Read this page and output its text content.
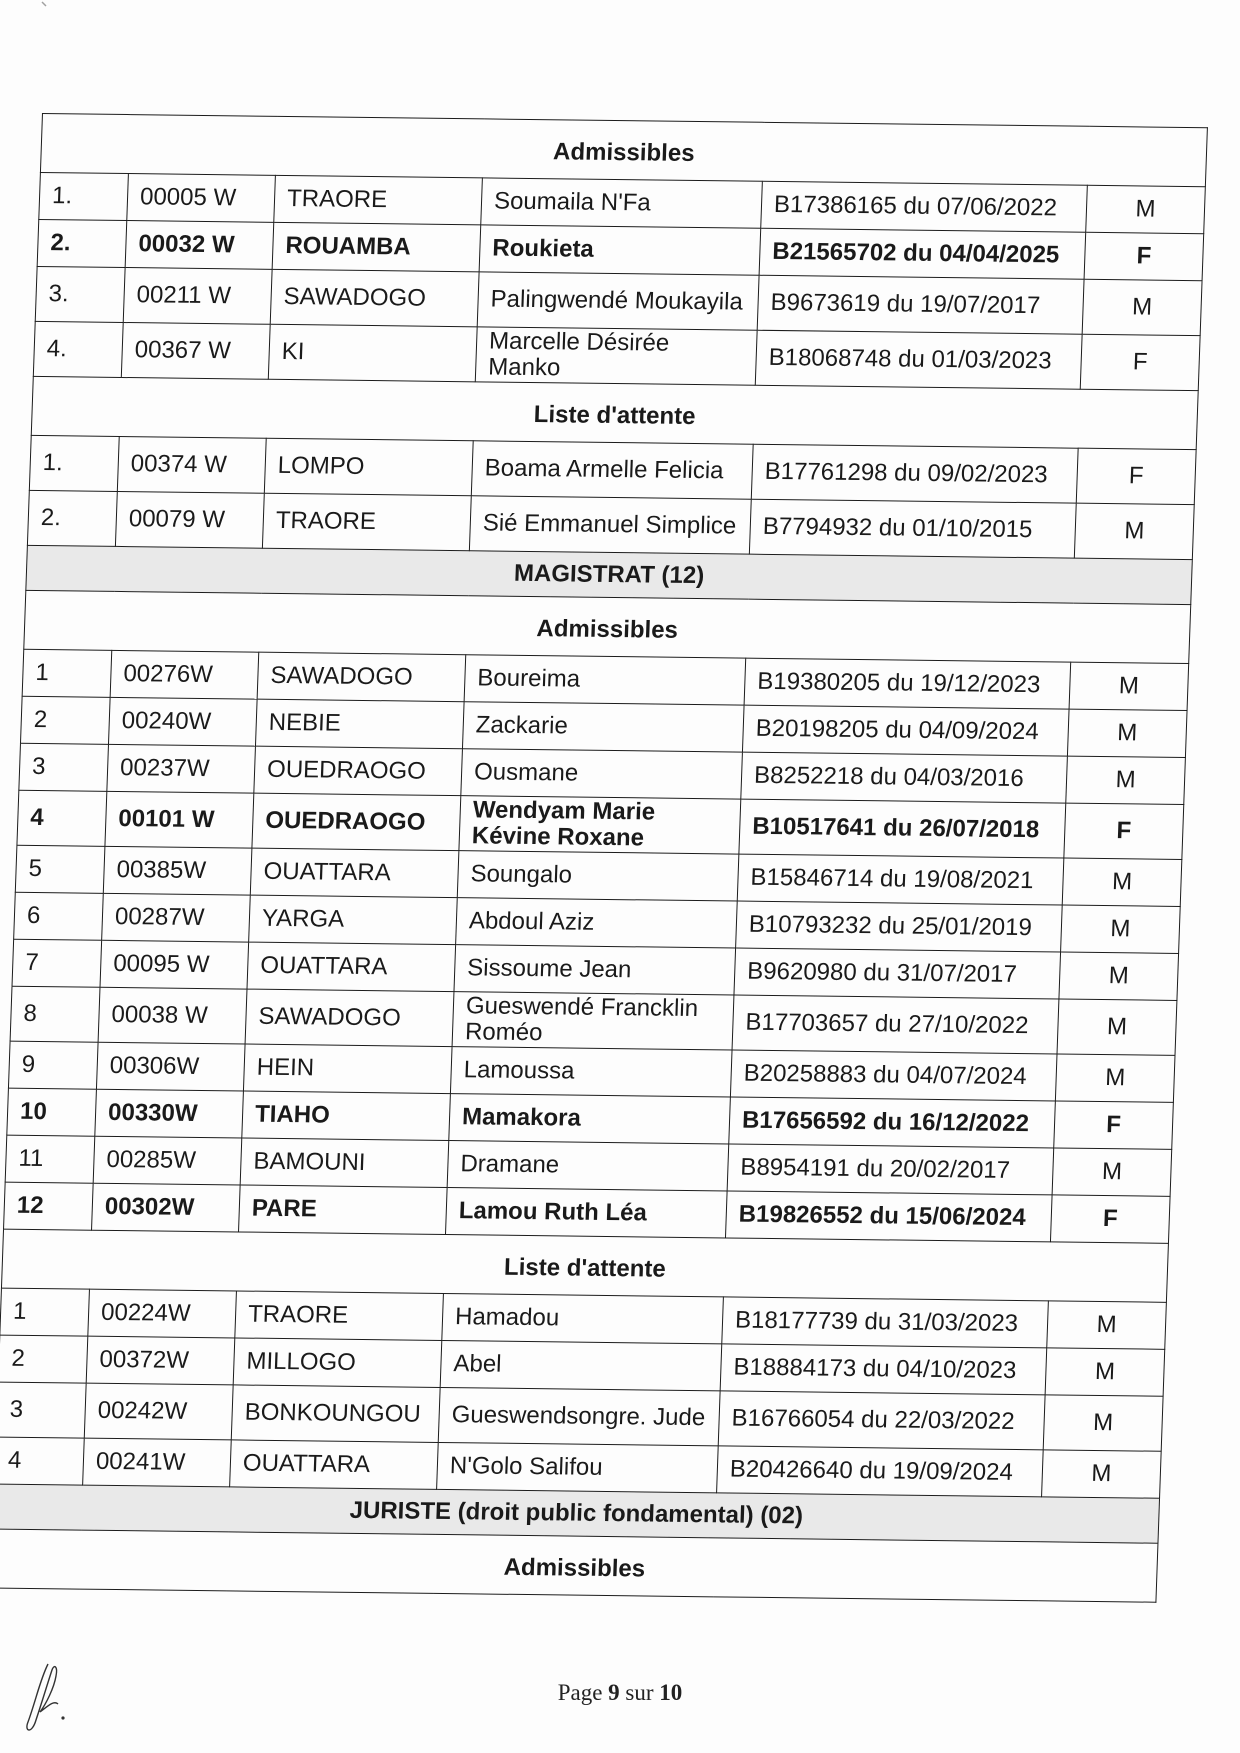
Admissibles					
1.	00005 W	TRAORE	Soumaila N'Fa	B17386165 du 07/06/2022	M
2.	00032 W	ROUAMBA	Roukieta	B21565702 du 04/04/2025	F
3.	00211 W	SAWADOGO	Palingwendé Moukayila	B9673619 du 19/07/2017	M
4.	00367 W	KI	Marcelle Désirée Manko	B18068748 du 01/03/2023	F
Liste d'attente					
1.	00374 W	LOMPO	Boama Armelle Felicia	B17761298 du 09/02/2023	F
2.	00079 W	TRAORE	Sié Emmanuel Simplice	B7794932 du 01/10/2015	M
MAGISTRAT (12)					
Admissibles					
1	00276W	SAWADOGO	Boureima	B19380205 du 19/12/2023	M
2	00240W	NEBIE	Zackarie	B20198205 du 04/09/2024	M
3	00237W	OUEDRAOGO	Ousmane	B8252218 du 04/03/2016	M
4	00101 W	OUEDRAOGO	Wendyam Marie Kévine Roxane	B10517641 du 26/07/2018	F
5	00385W	OUATTARA	Soungalo	B15846714 du 19/08/2021	M
6	00287W	YARGA	Abdoul Aziz	B10793232 du 25/01/2019	M
7	00095 W	OUATTARA	Sissoume Jean	B9620980 du 31/07/2017	M
8	00038 W	SAWADOGO	Gueswendé Francklin Roméo	B17703657 du 27/10/2022	M
9	00306W	HEIN	Lamoussa	B20258883 du 04/07/2024	M
10	00330W	TIAHO	Mamakora	B17656592 du 16/12/2022	F
11	00285W	BAMOUNI	Dramane	B8954191 du 20/02/2017	M
12	00302W	PARE	Lamou Ruth Léa	B19826552 du 15/06/2024	F
Liste d'attente					
1	00224W	TRAORE	Hamadou	B18177739 du 31/03/2023	M
2	00372W	MILLOGO	Abel	B18884173 du 04/10/2023	M
3	00242W	BONKOUNGOU	Gueswendsongre. Jude	B16766054 du 22/03/2022	M
4	00241W	OUATTARA	N'Golo Salifou	B20426640 du 19/09/2024	M
JURISTE (droit public fondamental) (02)					
Admissibles					
Page 9 sur 10
